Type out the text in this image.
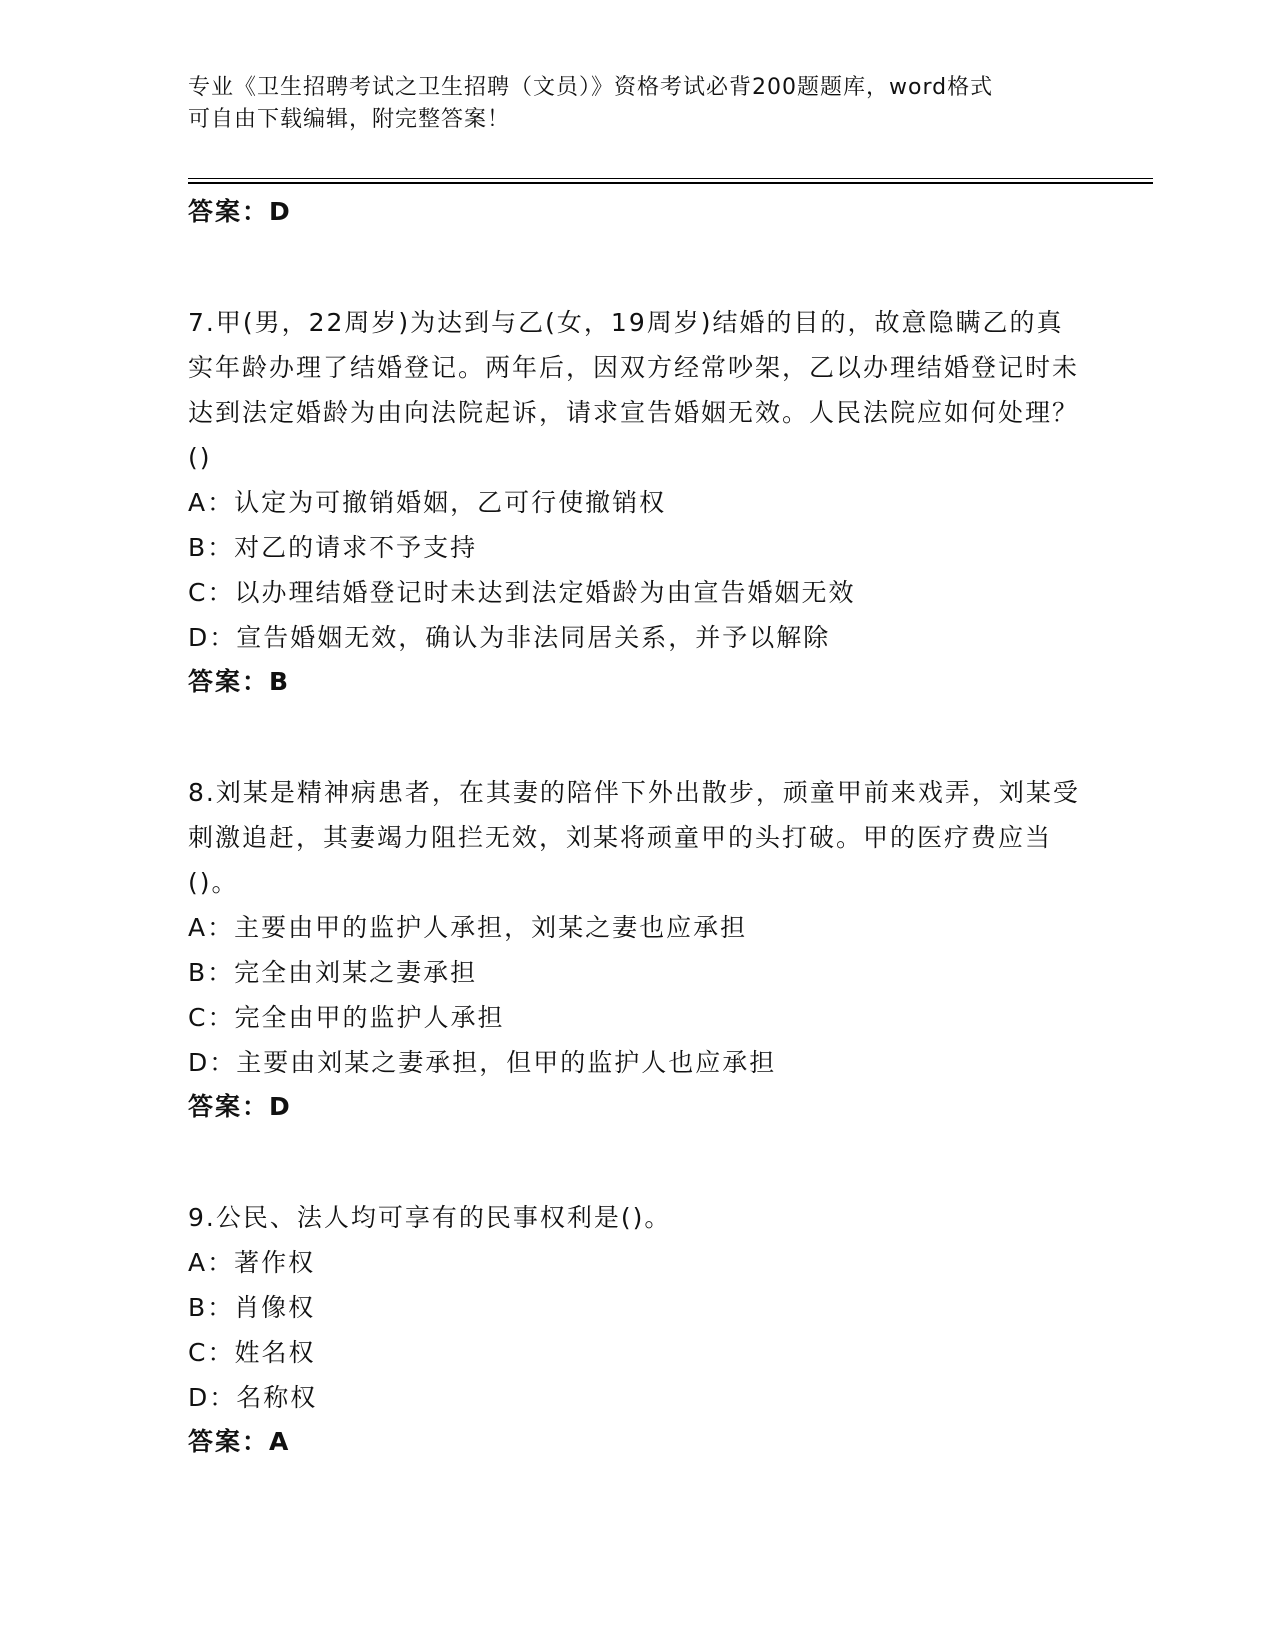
专业《卫生招聘考试之卫生招聘（文员）》资格考试必背200题题库，word格式
可自由下载编辑，附完整答案！
答案：D
7.甲(男，22周岁)为达到与乙(女，19周岁)结婚的目的，故意隐瞒乙的真实年龄办理了结婚登记。两年后，因双方经常吵架，乙以办理结婚登记时未达到法定婚龄为由向法院起诉，请求宣告婚姻无效。人民法院应如何处理？()
A：认定为可撤销婚姻，乙可行使撤销权
B：对乙的请求不予支持
C：以办理结婚登记时未达到法定婚龄为由宣告婚姻无效
D：宣告婚姻无效，确认为非法同居关系，并予以解除
答案：B
8.刘某是精神病患者，在其妻的陪伴下外出散步，顽童甲前来戏弄，刘某受刺激追赶，其妻竭力阻拦无效，刘某将顽童甲的头打破。甲的医疗费应当()。
A：主要由甲的监护人承担，刘某之妻也应承担
B：完全由刘某之妻承担
C：完全由甲的监护人承担
D：主要由刘某之妻承担，但甲的监护人也应承担
答案：D
9.公民、法人均可享有的民事权利是()。
A：著作权
B：肖像权
C：姓名权
D：名称权
答案：A
